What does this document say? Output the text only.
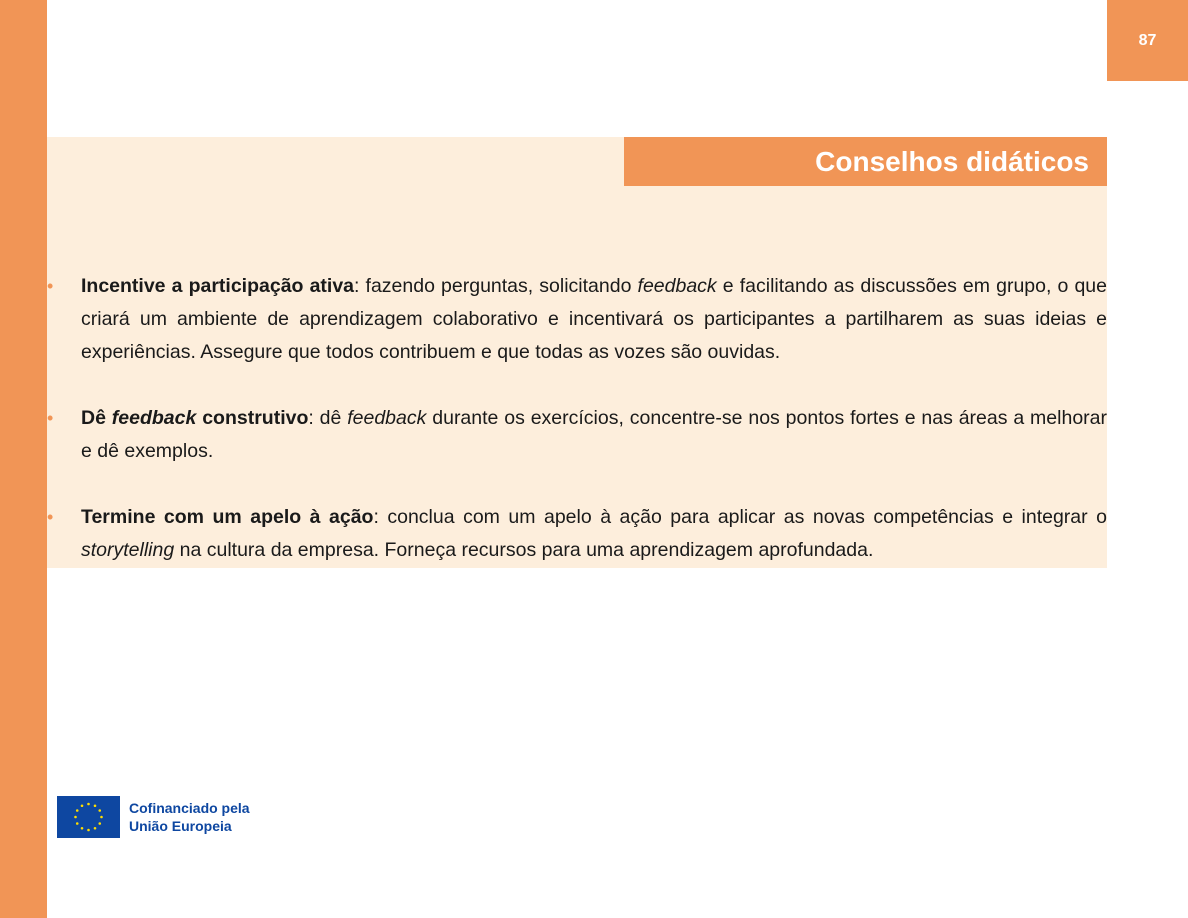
87
Conselhos didáticos
• Incentive a participação ativa: fazendo perguntas, solicitando feedback e facilitando as discussões em grupo, o que criará um ambiente de aprendizagem colaborativo e incentivará os participantes a partilharem as suas ideias e experiências. Assegure que todos contribuem e que todas as vozes são ouvidas.
• Dê feedback construtivo: dê feedback durante os exercícios, concentre-se nos pontos fortes e nas áreas a melhorar e dê exemplos.
• Termine com um apelo à ação: conclua com um apelo à ação para aplicar as novas competências e integrar o storytelling na cultura da empresa. Forneça recursos para uma aprendizagem aprofundada.
Cofinanciado pela
União Europeia
